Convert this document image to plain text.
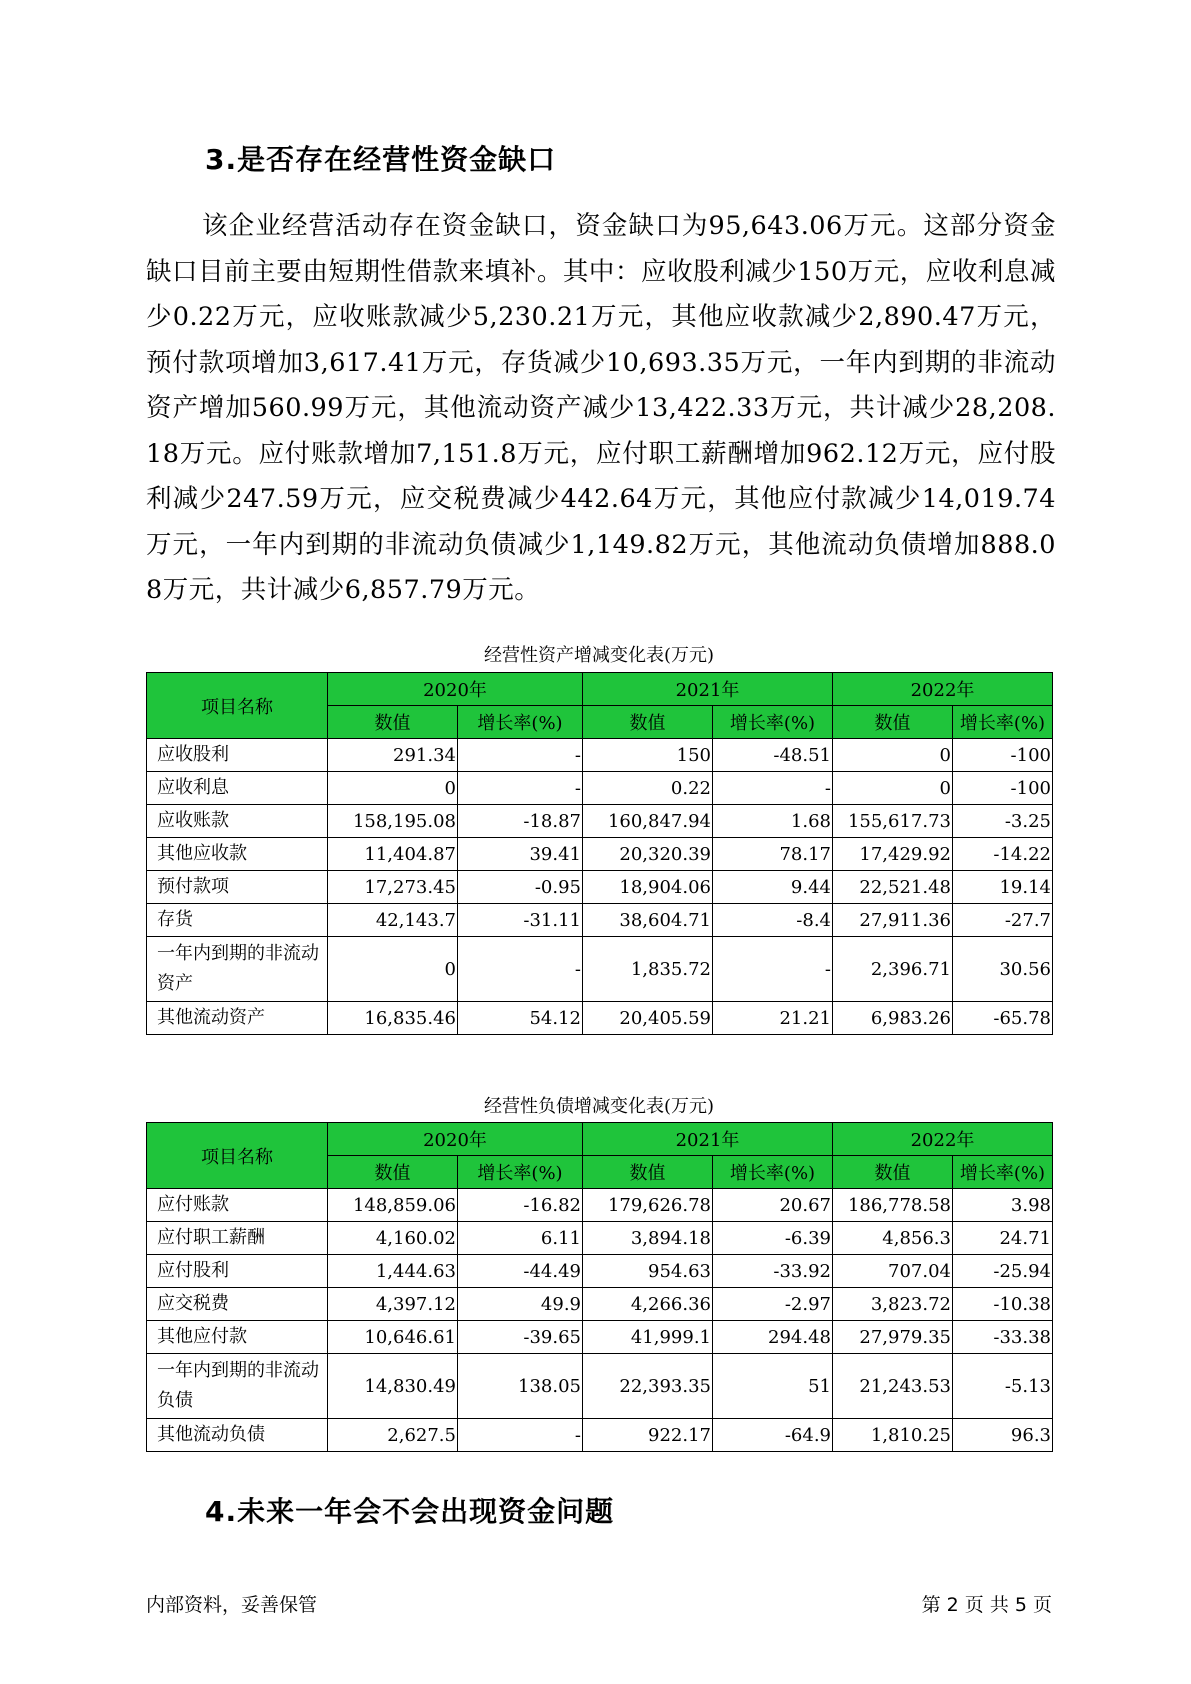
3.是否存在经营性资金缺口

该企业经营活动存在资金缺口，资金缺口为95,643.06万元。这部分资金缺口目前主要由短期性借款来填补。其中：应收股利减少150万元，应收利息减少0.22万元，应收账款减少5,230.21万元，其他应收款减少2,890.47万元，预付款项增加3,617.41万元，存货减少10,693.35万元，一年内到期的非流动资产增加560.99万元，其他流动资产减少13,422.33万元，共计减少28,208.18万元。应付账款增加7,151.8万元，应付职工薪酬增加962.12万元，应付股利减少247.59万元，应交税费减少442.64万元，其他应付款减少14,019.74万元，一年内到期的非流动负债减少1,149.82万元，其他流动负债增加888.08万元，共计减少6,857.79万元。

经营性资产增减变化表(万元)
项目名称	2020年		2021年		2022年	
	数值	增长率(%)	数值	增长率(%)	数值	增长率(%)
应收股利	291.34	-	150	-48.51	0	-100
应收利息	0	-	0.22	-	0	-100
应收账款	158,195.08	-18.87	160,847.94	1.68	155,617.73	-3.25
其他应收款	11,404.87	39.41	20,320.39	78.17	17,429.92	-14.22
预付款项	17,273.45	-0.95	18,904.06	9.44	22,521.48	19.14
存货	42,143.7	-31.11	38,604.71	-8.4	27,911.36	-27.7
一年内到期的非流动资产	0	-	1,835.72	-	2,396.71	30.56
其他流动资产	16,835.46	54.12	20,405.59	21.21	6,983.26	-65.78
经营性负债增减变化表(万元)
项目名称	2020年		2021年		2022年	
	数值	增长率(%)	数值	增长率(%)	数值	增长率(%)
应付账款	148,859.06	-16.82	179,626.78	20.67	186,778.58	3.98
应付职工薪酬	4,160.02	6.11	3,894.18	-6.39	4,856.3	24.71
应付股利	1,444.63	-44.49	954.63	-33.92	707.04	-25.94
应交税费	4,397.12	49.9	4,266.36	-2.97	3,823.72	-10.38
其他应付款	10,646.61	-39.65	41,999.1	294.48	27,979.35	-33.38
一年内到期的非流动负债	14,830.49	138.05	22,393.35	51	21,243.53	-5.13
其他流动负债	2,627.5	-	922.17	-64.9	1,810.25	96.3
4.未来一年会不会出现资金问题
内部资料，妥善保管	第 2 页 共 5 页
